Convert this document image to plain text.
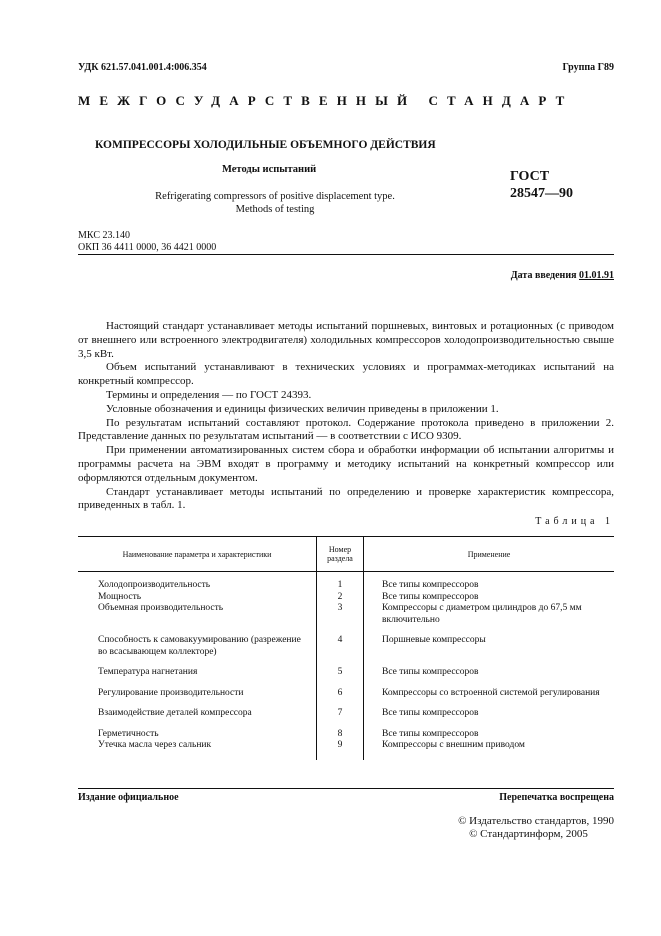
УДК 621.57.041.001.4:006.354	Группа Г89
МЕЖГОСУДАРСТВЕННЫЙ СТАНДАРТ
КОМПРЕССОРЫ ХОЛОДИЛЬНЫЕ ОБЪЕМНОГО ДЕЙСТВИЯ
Методы испытаний
Refrigerating compressors of positive displacement type.
Methods of testing
ГОСТ
28547—90
МКС 23.140
ОКП 36 4411 0000, 36 4421 0000
Дата введения 01.01.91

Настоящий стандарт устанавливает методы испытаний поршневых, винтовых и ротационных (с приводом от внешнего или встроенного электродвигателя) холодильных компрессоров холодопроизводительностью свыше 3,5 кВт.

Объем испытаний устанавливают в технических условиях и программах-методиках испытаний на конкретный компрессор.

Термины и определения — по ГОСТ 24393.

Условные обозначения и единицы физических величин приведены в приложении 1.

По результатам испытаний составляют протокол. Содержание протокола приведено в приложении 2. Представление данных по результатам испытаний — в соответствии с ИСО 9309.

При применении автоматизированных систем сбора и обработки информации об испытании алгоритмы и программы расчета на ЭВМ входят в программу и методику испытаний на конкретный компрессор или оформляются отдельным документом.

Стандарт устанавливает методы испытаний по определению и проверке характеристик компрессора, приведенных в табл. 1.

Таблица 1
Наименование параметра и характеристики	Номер раздела	Применение
Холодопроизводительность	1	Все типы компрессоров
Мощность	2	Все типы компрессоров
Объемная производительность	3	Компрессоры с диаметром цилиндров до 67,5 мм включительно
Способность к самовакуумированию (разрежение во всасывающем коллекторе)	4	Поршневые компрессоры
Температура нагнетания	5	Все типы компрессоров
Регулирование производительности	6	Компрессоры со встроенной системой регулирования
Взаимодействие деталей компрессора	7	Все типы компрессоров
Герметичность	8	Все типы компрессоров
Утечка масла через сальник	9	Компрессоры с внешним приводом
Издание официальное	Перепечатка воспрещена
© Издательство стандартов, 1990
© Стандартинформ, 2005
